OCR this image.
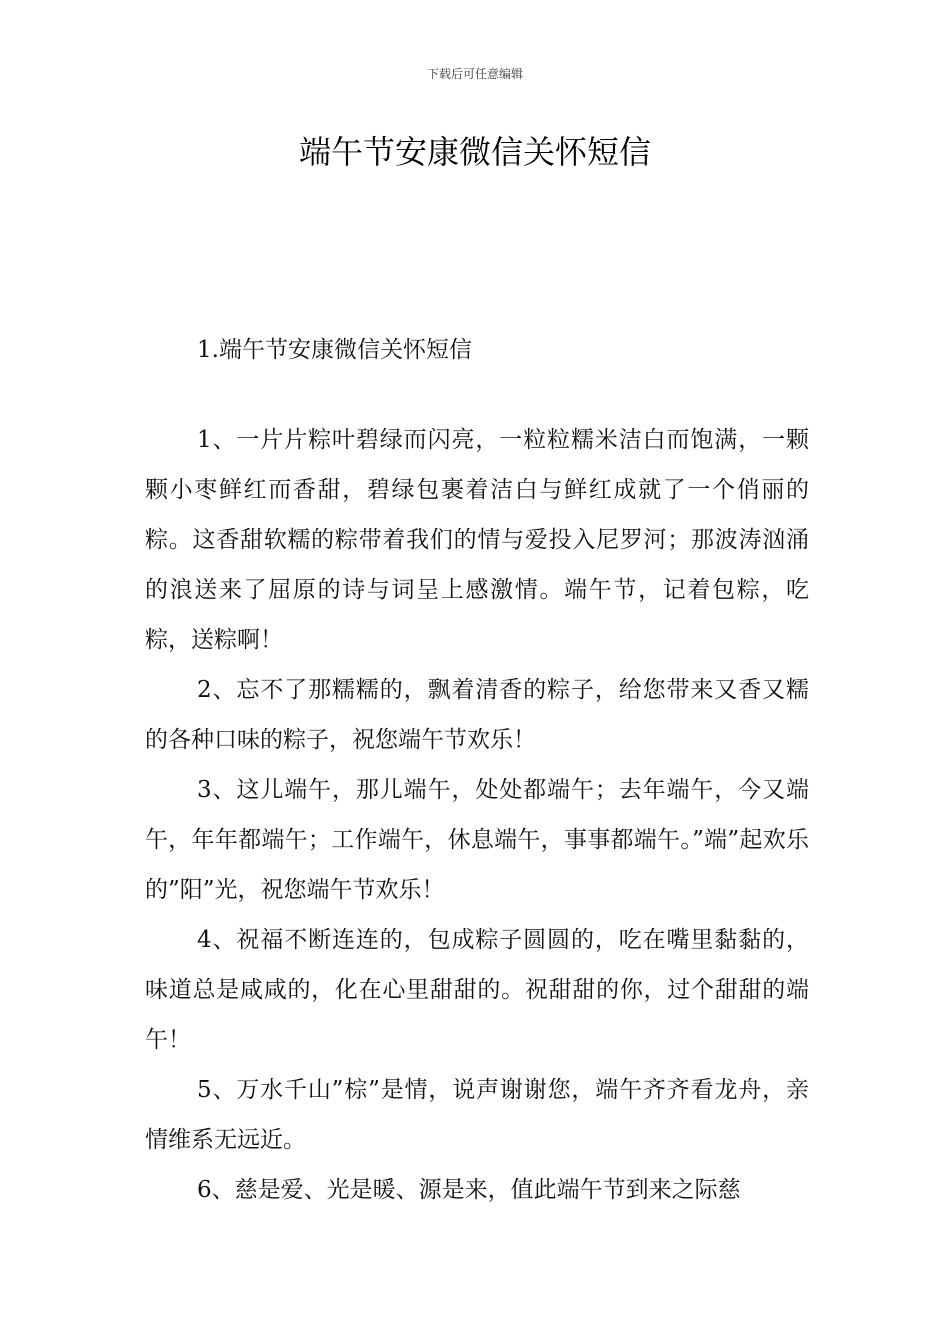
下载后可任意编辑
端午节安康微信关怀短信

1.端午节安康微信关怀短信

1、一片片粽叶碧绿而闪亮，一粒粒糯米洁白而饱满，一颗颗小枣鲜红而香甜，碧绿包裹着洁白与鲜红成就了一个俏丽的粽。这香甜软糯的粽带着我们的情与爱投入尼罗河；那波涛汹涌的浪送来了屈原的诗与词呈上感激情。端午节，记着包粽，吃粽，送粽啊！

2、忘不了那糯糯的，飘着清香的粽子，给您带来又香又糯的各种口味的粽子，祝您端午节欢乐！

3、这儿端午，那儿端午，处处都端午；去年端午，今又端午，年年都端午；工作端午，休息端午，事事都端午。”端”起欢乐的”阳”光，祝您端午节欢乐！

4、祝福不断连连的，包成粽子圆圆的，吃在嘴里黏黏的，味道总是咸咸的，化在心里甜甜的。祝甜甜的你，过个甜甜的端午！

5、万水千山”棕”是情，说声谢谢您，端午齐齐看龙舟，亲情维系无远近。

6、慈是爱、光是暖、源是来，值此端午节到来之际慈
